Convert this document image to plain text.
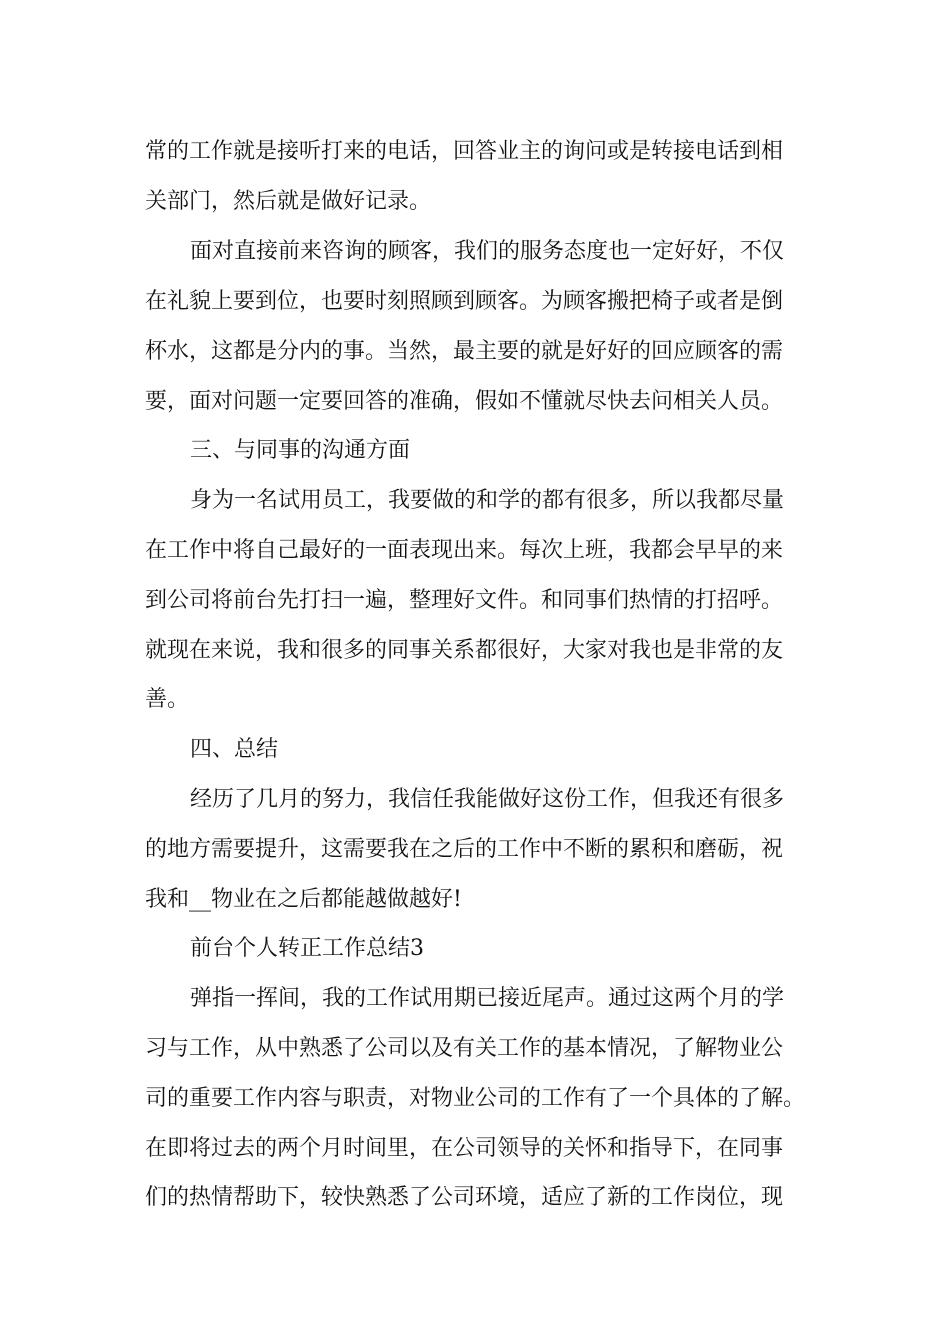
常的工作就是接听打来的电话，回答业主的询问或是转接电话到相

关部门，然后就是做好记录。

面对直接前来咨询的顾客，我们的服务态度也一定好好，不仅

在礼貌上要到位，也要时刻照顾到顾客。为顾客搬把椅子或者是倒

杯水，这都是分内的事。当然，最主要的就是好好的回应顾客的需

要，面对问题一定要回答的准确，假如不懂就尽快去问相关人员。

三、与同事的沟通方面

身为一名试用员工，我要做的和学的都有很多，所以我都尽量

在工作中将自己最好的一面表现出来。每次上班，我都会早早的来

到公司将前台先打扫一遍，整理好文件。和同事们热情的打招呼。

就现在来说，我和很多的同事关系都很好，大家对我也是非常的友

善。

四、总结

经历了几月的努力，我信任我能做好这份工作，但我还有很多

的地方需要提升，这需要我在之后的工作中不断的累积和磨砺，祝

我和__物业在之后都能越做越好!

前台个人转正工作总结3

弹指一挥间，我的工作试用期已接近尾声。通过这两个月的学

习与工作，从中熟悉了公司以及有关工作的基本情况，了解物业公

司的重要工作内容与职责，对物业公司的工作有了一个具体的了解。

在即将过去的两个月时间里，在公司领导的关怀和指导下，在同事

们的热情帮助下，较快熟悉了公司环境，适应了新的工作岗位，现
